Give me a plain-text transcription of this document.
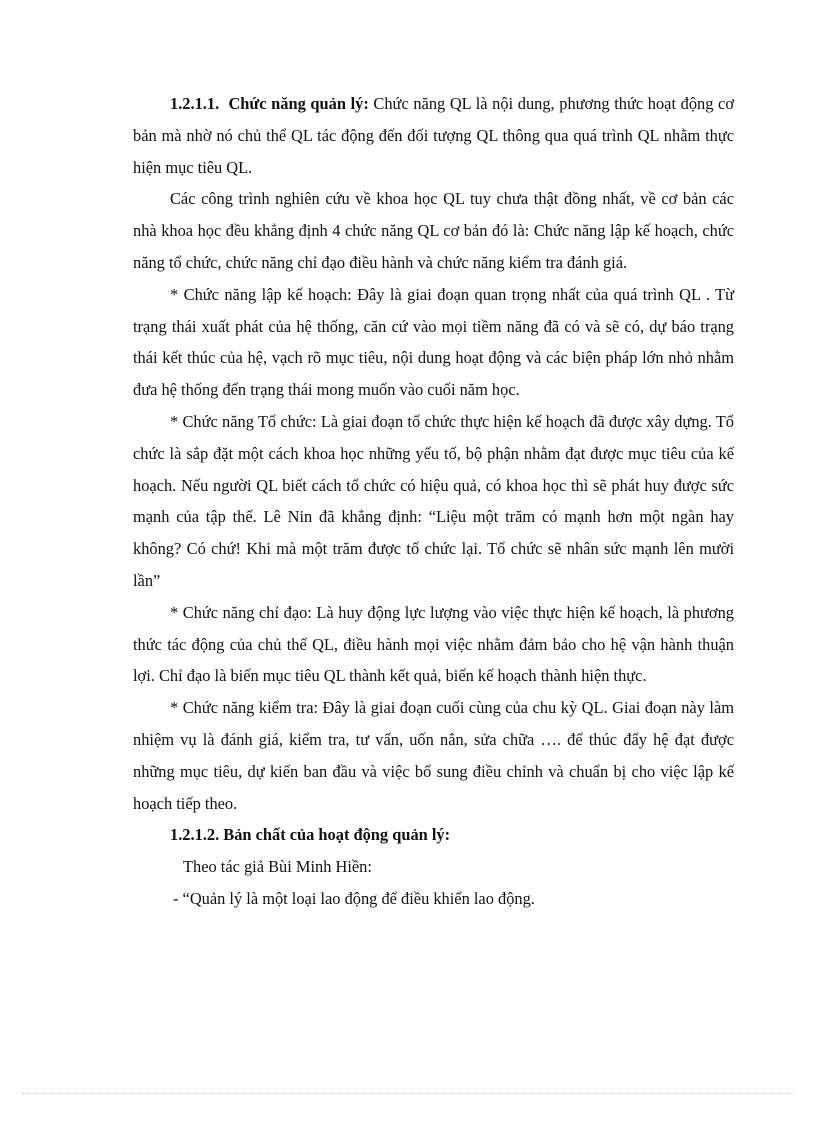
1.2.1.1. Chức năng quản lý: Chức năng QL là nội dung, phương thức hoạt động cơ bản mà nhờ nó chủ thể QL tác động đến đối tượng QL thông qua quá trình QL nhằm thực hiện mục tiêu QL.

Các công trình nghiên cứu về khoa học QL tuy chưa thật đồng nhất, về cơ bản các nhà khoa học đều khẳng định 4 chức năng QL cơ bản đó là: Chức năng lập kế hoạch, chức năng tổ chức, chức năng chỉ đạo điều hành và chức năng kiểm tra đánh giá.

* Chức năng lập kế hoạch: Đây là giai đoạn quan trọng nhất của quá trình QL . Từ trạng thái xuất phát của hệ thống, căn cứ vào mọi tiềm năng đã có và sẽ có, dự báo trạng thái kết thúc của hệ, vạch rõ mục tiêu, nội dung hoạt động và các biện pháp lớn nhỏ nhằm đưa hệ thống đến trạng thái mong muốn vào cuối năm học.

* Chức năng Tổ chức: Là giai đoạn tổ chức thực hiện kế hoạch đã được xây dựng. Tổ chức là sắp đặt một cách khoa học những yếu tố, bộ phận nhằm đạt được mục tiêu của kế hoạch. Nếu người QL biết cách tổ chức có hiệu quả, có khoa học thì sẽ phát huy được sức mạnh của tập thể. Lê Nin đã khẳng định: “Liệu một trăm có mạnh hơn một ngàn hay không? Có chứ! Khi mà một trăm được tổ chức lại. Tổ chức sẽ nhân sức mạnh lên mười lần”

* Chức năng chỉ đạo: Là huy động lực lượng vào việc thực hiện kế hoạch, là phương thức tác động của chủ thể QL, điều hành mọi việc nhằm đảm bảo cho hệ vận hành thuận lợi. Chỉ đạo là biến mục tiêu QL thành kết quả, biến kế hoạch thành hiện thực.

* Chức năng kiểm tra: Đây là giai đoạn cuối cùng của chu kỳ QL. Giai đoạn này làm nhiệm vụ là đánh giá, kiểm tra, tư vấn, uốn nắn, sửa chữa …. để thúc đẩy hệ đạt được những mục tiêu, dự kiến ban đầu và việc bổ sung điều chỉnh và chuẩn bị cho việc lập kế hoạch tiếp theo.

1.2.1.2. Bản chất của hoạt động quản lý:

Theo tác giả Bùi Minh Hiền:

- “Quản lý là một loại lao động để điều khiển lao động.
